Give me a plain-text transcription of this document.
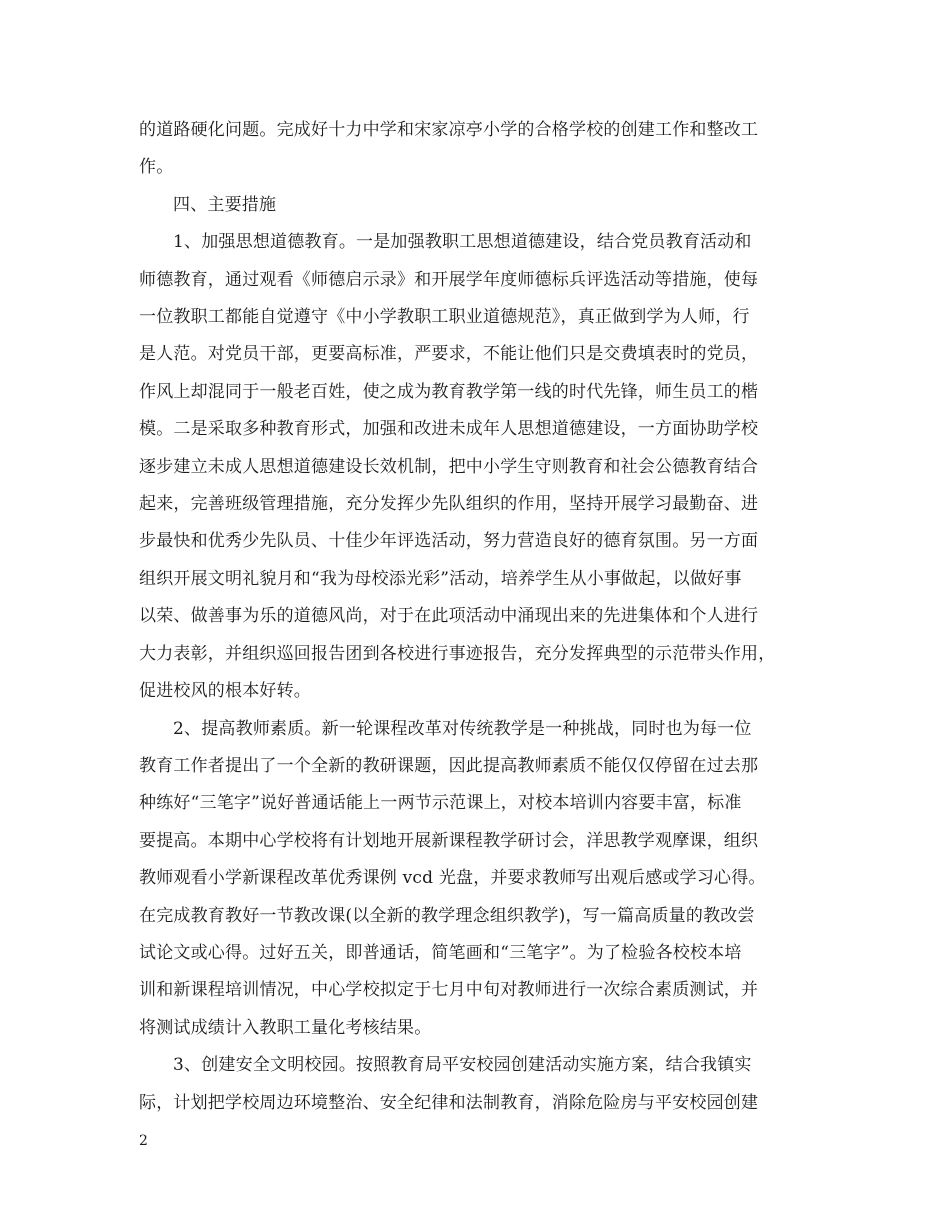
的道路硬化问题。完成好十力中学和宋家凉亭小学的合格学校的创建工作和整改工
作。
四、主要措施
1、加强思想道德教育。一是加强教职工思想道德建设，结合党员教育活动和
师德教育，通过观看《师德启示录》和开展学年度师德标兵评选活动等措施，使每
一位教职工都能自觉遵守《中小学教职工职业道德规范》，真正做到学为人师，行
是人范。对党员干部，更要高标准，严要求，不能让他们只是交费填表时的党员，
作风上却混同于一般老百姓，使之成为教育教学第一线的时代先锋，师生员工的楷
模。二是采取多种教育形式，加强和改进未成年人思想道德建设，一方面协助学校
逐步建立未成人思想道德建设长效机制，把中小学生守则教育和社会公德教育结合
起来，完善班级管理措施，充分发挥少先队组织的作用，坚持开展学习最勤奋、进
步最快和优秀少先队员、十佳少年评选活动，努力营造良好的德育氛围。另一方面
组织开展文明礼貌月和“我为母校添光彩”活动，培养学生从小事做起，以做好事
以荣、做善事为乐的道德风尚，对于在此项活动中涌现出来的先进集体和个人进行
大力表彰，并组织巡回报告团到各校进行事迹报告，充分发挥典型的示范带头作用，
促进校风的根本好转。
2、提高教师素质。新一轮课程改革对传统教学是一种挑战，同时也为每一位
教育工作者提出了一个全新的教研课题，因此提高教师素质不能仅仅停留在过去那
种练好“三笔字”说好普通话能上一两节示范课上，对校本培训内容要丰富，标准
要提高。本期中心学校将有计划地开展新课程教学研讨会，洋思教学观摩课，组织
教师观看小学新课程改革优秀课例 vcd 光盘，并要求教师写出观后感或学习心得。
在完成教育教好一节教改课(以全新的教学理念组织教学)，写一篇高质量的教改尝
试论文或心得。过好五关，即普通话，简笔画和“三笔字”。为了检验各校校本培
训和新课程培训情况，中心学校拟定于七月中旬对教师进行一次综合素质测试，并
将测试成绩计入教职工量化考核结果。
3、创建安全文明校园。按照教育局平安校园创建活动实施方案，结合我镇实
际，计划把学校周边环境整治、安全纪律和法制教育，消除危险房与平安校园创建
2
